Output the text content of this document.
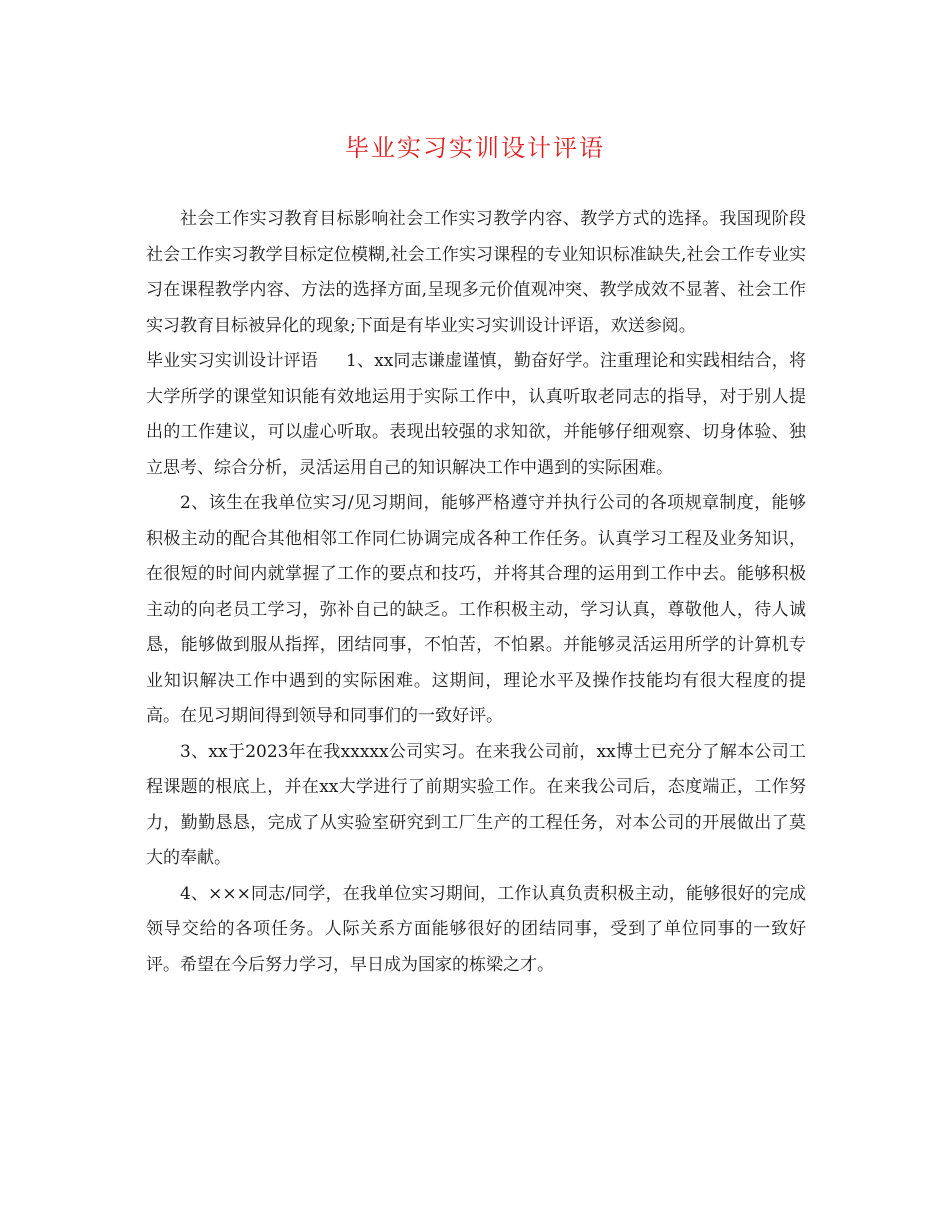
毕业实习实训设计评语

社会工作实习教育目标影响社会工作实习教学内容、教学方式的选择。我国现阶段社会工作实习教学目标定位模糊,社会工作实习课程的专业知识标准缺失,社会工作专业实习在课程教学内容、方法的选择方面,呈现多元价值观冲突、教学成效不显著、社会工作实习教育目标被异化的现象;下面是有毕业实习实训设计评语，欢送参阅。

毕业实习实训设计评语 1、xx同志谦虚谨慎，勤奋好学。注重理论和实践相结合，将大学所学的课堂知识能有效地运用于实际工作中，认真听取老同志的指导，对于别人提出的工作建议，可以虚心听取。表现出较强的求知欲，并能够仔细观察、切身体验、独立思考、综合分析，灵活运用自己的知识解决工作中遇到的实际困难。

2、该生在我单位实习/见习期间，能够严格遵守并执行公司的各项规章制度，能够积极主动的配合其他相邻工作同仁协调完成各种工作任务。认真学习工程及业务知识，在很短的时间内就掌握了工作的要点和技巧，并将其合理的运用到工作中去。能够积极主动的向老员工学习，弥补自己的缺乏。工作积极主动，学习认真，尊敬他人，待人诚恳，能够做到服从指挥，团结同事，不怕苦，不怕累。并能够灵活运用所学的计算机专业知识解决工作中遇到的实际困难。这期间，理论水平及操作技能均有很大程度的提高。在见习期间得到领导和同事们的一致好评。

3、xx于2023年在我xxxxx公司实习。在来我公司前，xx博士已充分了解本公司工程课题的根底上，并在xx大学进行了前期实验工作。在来我公司后，态度端正，工作努力，勤勤恳恳，完成了从实验室研究到工厂生产的工程任务，对本公司的开展做出了莫大的奉献。

4、×××同志/同学，在我单位实习期间，工作认真负责积极主动，能够很好的完成领导交给的各项任务。人际关系方面能够很好的团结同事，受到了单位同事的一致好评。希望在今后努力学习，早日成为国家的栋梁之才。
